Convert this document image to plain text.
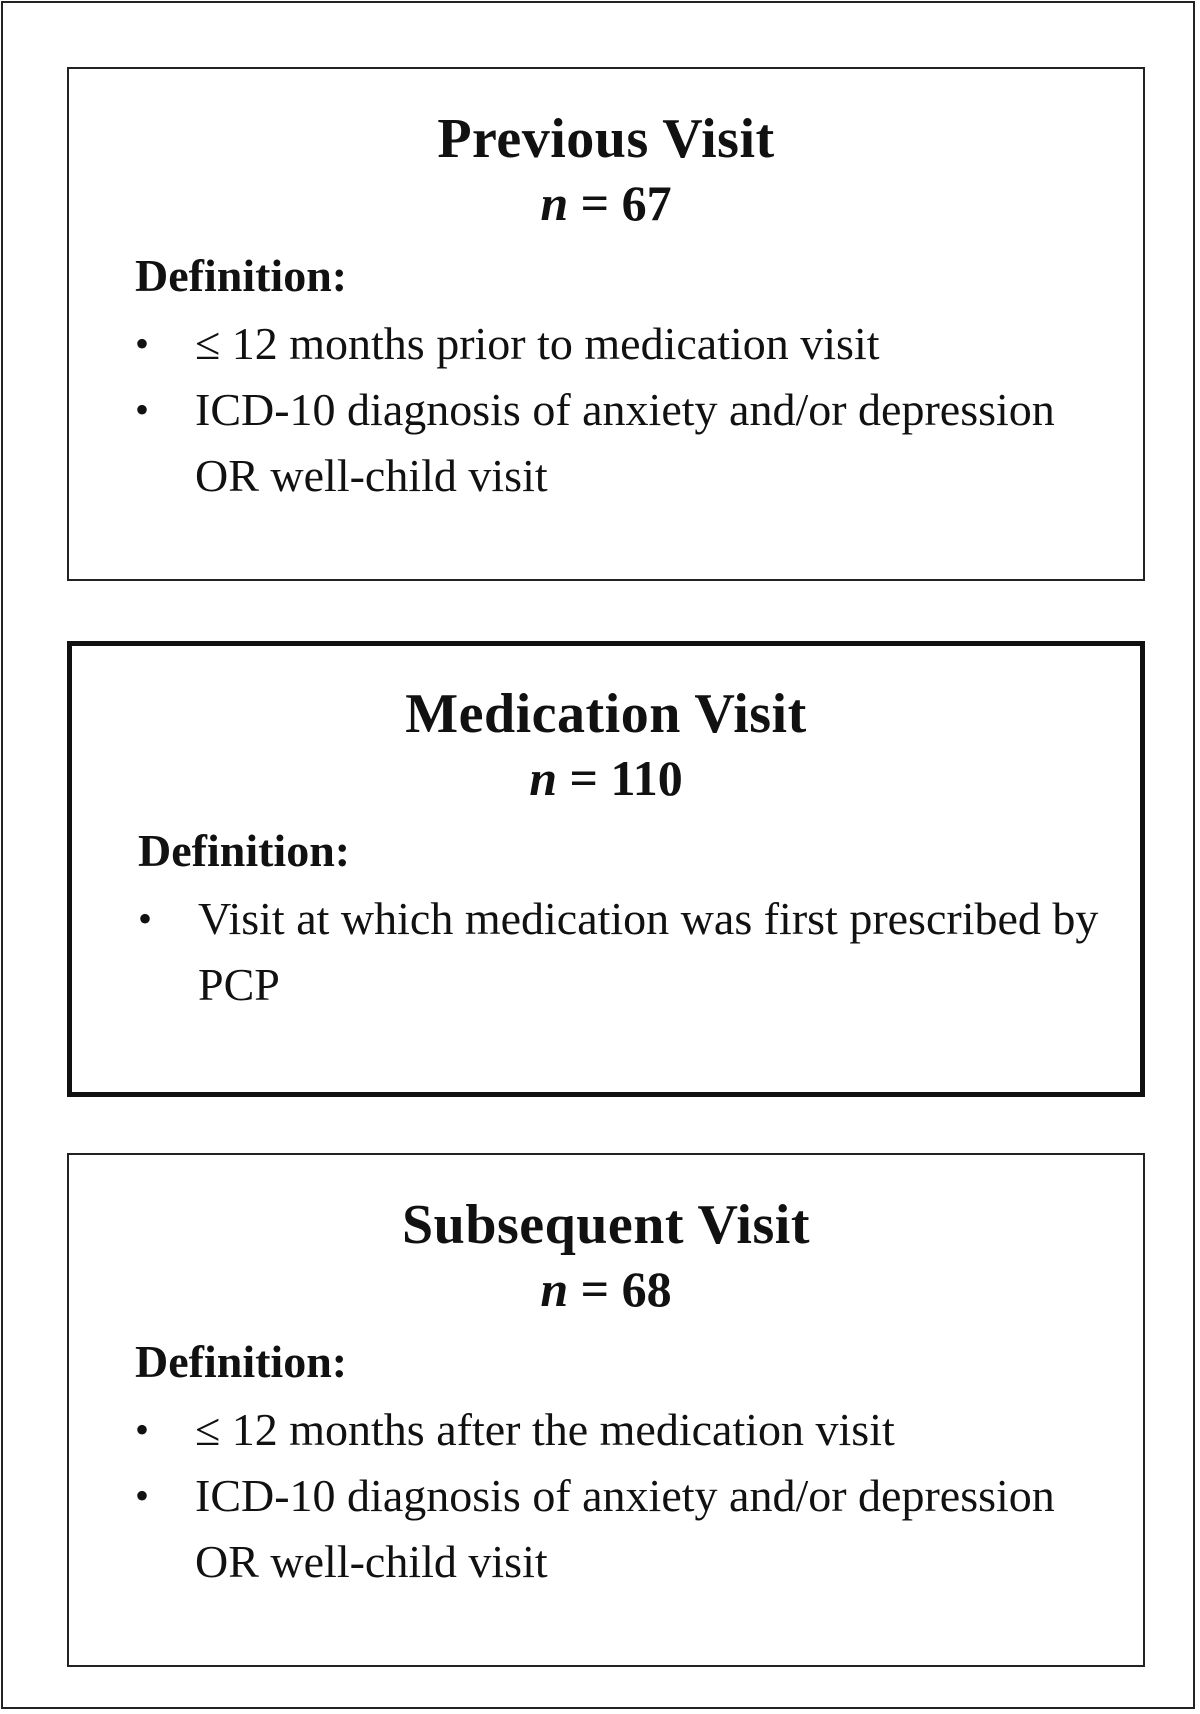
Previous Visit
n = 67
Definition:
• ≤ 12 months prior to medication visit
• ICD-10 diagnosis of anxiety and/or depression OR well-child visit
Medication Visit
n = 110
Definition:
• Visit at which medication was first prescribed by PCP
Subsequent Visit
n = 68
Definition:
• ≤ 12 months after the medication visit
• ICD-10 diagnosis of anxiety and/or depression OR well-child visit
